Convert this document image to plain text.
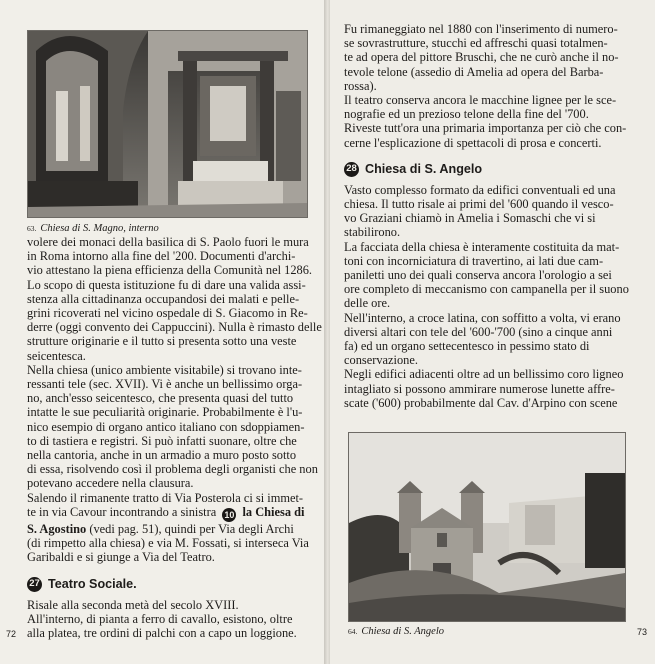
63. Chiesa di S. Magno, interno
volere dei monaci della basilica di S. Paolo fuori le mura
in Roma intorno alla fine del '200. Documenti d'archi-
vio attestano la piena efficienza della Comunità nel 1286.
Lo scopo di questa istituzione fu di dare una valida assi-
stenza alla cittadinanza occupandosi dei malati e pelle-
grini ricoverati nel vicino ospedale di S. Giacomo in Re-
derre (oggi convento dei Cappuccini). Nulla è rimasto delle
strutture originarie e il tutto si presenta sotto una veste
seicentesca.
Nella chiesa (unico ambiente visitabile) si trovano inte-
ressanti tele (sec. XVII). Vi è anche un bellissimo orga-
no, anch'esso seicentesco, che presenta quasi del tutto
intatte le sue peculiarità originarie. Probabilmente è l'u-
nico esempio di organo antico italiano con sdoppiamen-
to di tastiera e registri. Si può infatti suonare, oltre che
nella cantoria, anche in un armadio a muro posto sotto
di essa, risolvendo così il problema degli organisti che non
potevano accedere nella clausura.
Salendo il rimanente tratto di Via Posterola ci si immet-
te in via Cavour incontrando a sinistra 10 la Chiesa di
S. Agostino (vedi pag. 51), quindi per Via degli Archi
(di rimpetto alla chiesa) e via M. Fossati, si interseca Via
Garibaldi e si giunge a Via del Teatro.
27 Teatro Sociale.
Risale alla seconda metà del secolo XVIII.
All'interno, di pianta a ferro di cavallo, esistono, oltre
alla platea, tre ordini di palchi con a capo un loggione.
72
Fu rimaneggiato nel 1880 con l'inserimento di numero-
se sovrastrutture, stucchi ed affreschi quasi totalmen-
te ad opera del pittore Bruschi, che ne curò anche il no-
tevole telone (assedio di Amelia ad opera del Barba-
rossa).
Il teatro conserva ancora le macchine lignee per le sce-
nografie ed un prezioso telone della fine del '700.
Riveste tutt'ora una primaria importanza per ciò che con-
cerne l'esplicazione di spettacoli di prosa e concerti.
28 Chiesa di S. Angelo
Vasto complesso formato da edifici conventuali ed una
chiesa. Il tutto risale ai primi del '600 quando il vesco-
vo Graziani chiamò in Amelia i Somaschi che vi si
stabilirono.
La facciata della chiesa è interamente costituita da mat-
toni con incorniciatura di travertino, ai lati due cam-
paniletti uno dei quali conserva ancora l'orologio a sei
ore completo di meccanismo con campanella per il suono
delle ore.
Nell'interno, a croce latina, con soffitto a volta, vi erano
diversi altari con tele del '600-'700 (sino a cinque anni
fa) ed un organo settecentesco in pessimo stato di
conservazione.
Negli edifici adiacenti oltre ad un bellissimo coro ligneo
intagliato si possono ammirare numerose lunette affre-
scate ('600) probabilmente dal Cav. d'Arpino con scene
64. Chiesa di S. Angelo	73
